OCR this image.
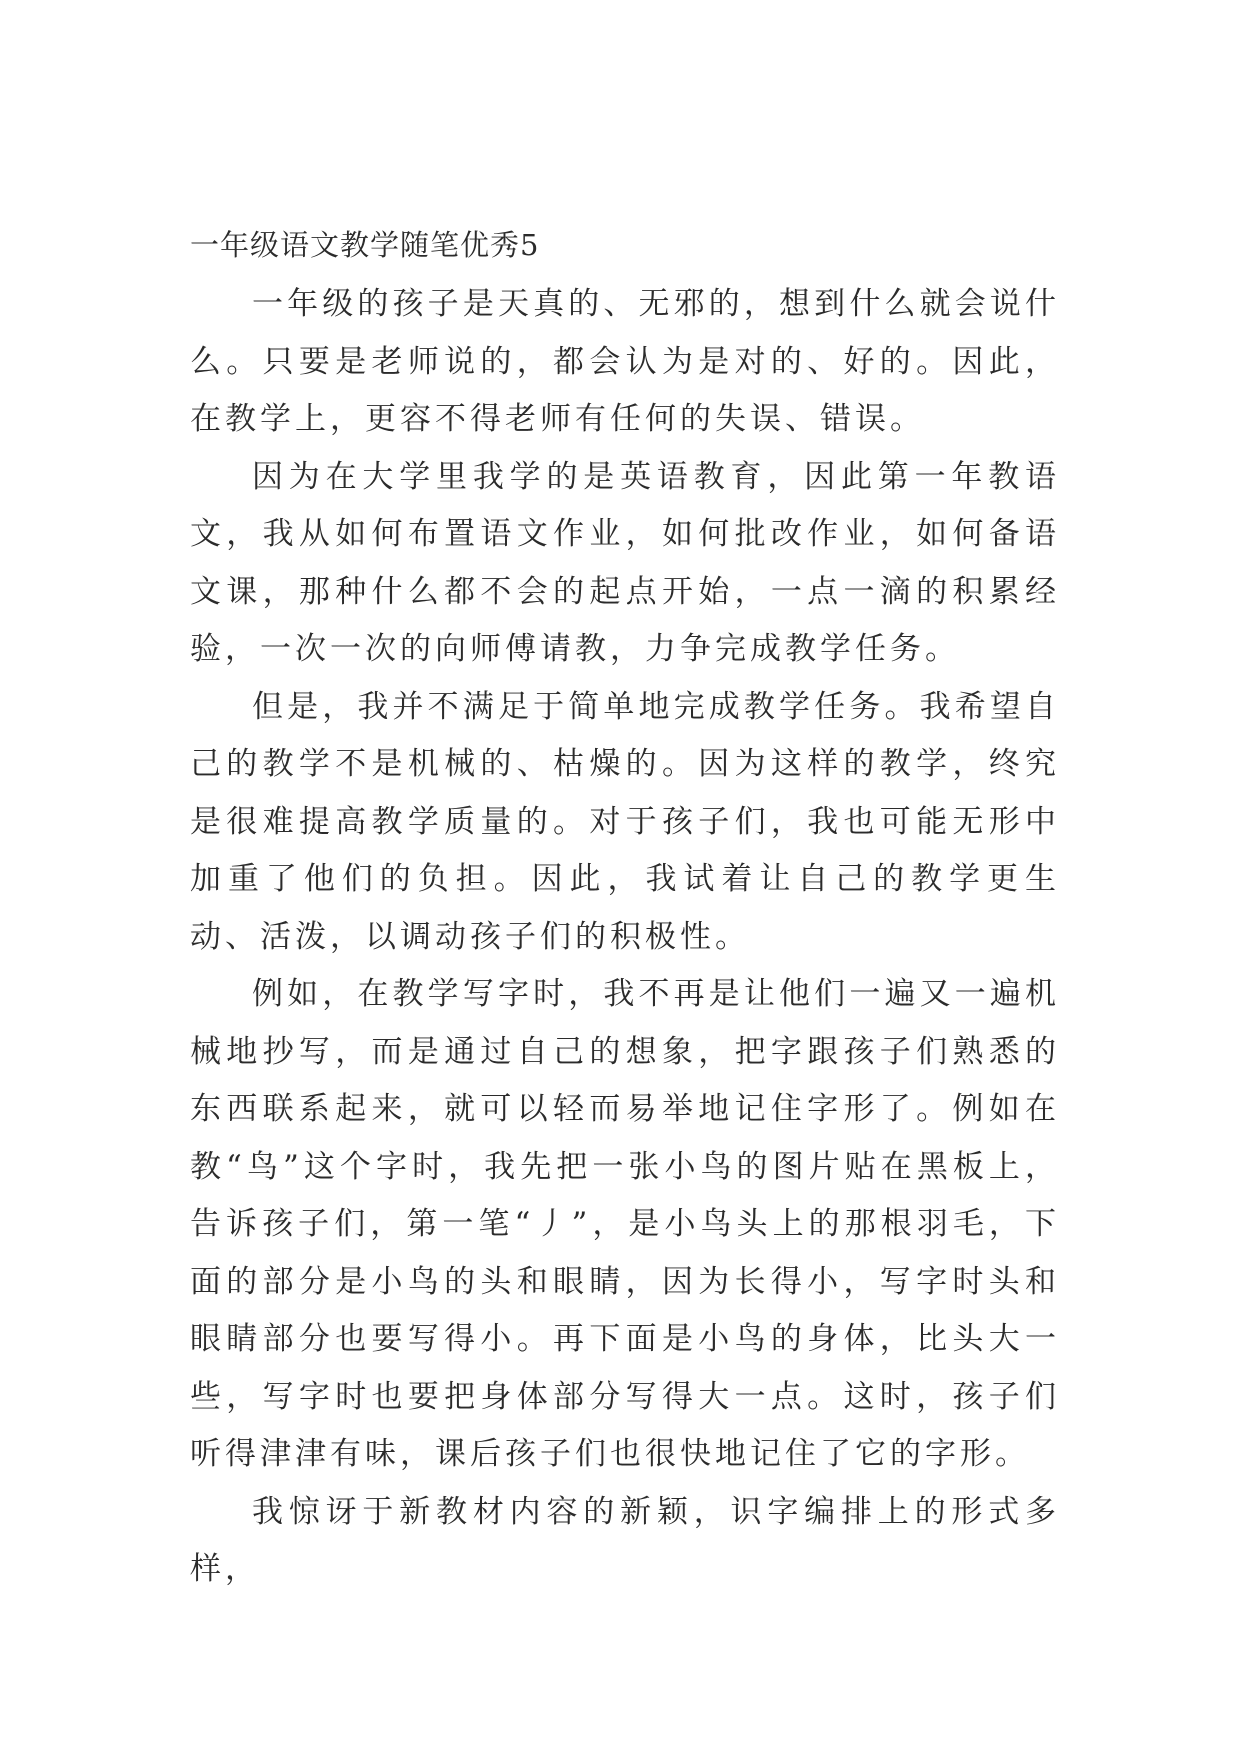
一年级语文教学随笔优秀5

一年级的孩子是天真的、无邪的，想到什么就会说什么。只要是老师说的，都会认为是对的、好的。因此，在教学上，更容不得老师有任何的失误、错误。

因为在大学里我学的是英语教育，因此第一年教语文，我从如何布置语文作业，如何批改作业，如何备语文课，那种什么都不会的起点开始，一点一滴的积累经验，一次一次的向师傅请教，力争完成教学任务。

但是，我并不满足于简单地完成教学任务。我希望自己的教学不是机械的、枯燥的。因为这样的教学，终究是很难提高教学质量的。对于孩子们，我也可能无形中加重了他们的负担。因此，我试着让自己的教学更生动、活泼，以调动孩子们的积极性。

例如，在教学写字时，我不再是让他们一遍又一遍机械地抄写，而是通过自己的想象，把字跟孩子们熟悉的东西联系起来，就可以轻而易举地记住字形了。例如在教“鸟”这个字时，我先把一张小鸟的图片贴在黑板上，告诉孩子们，第一笔“丿”，是小鸟头上的那根羽毛，下面的部分是小鸟的头和眼睛，因为长得小，写字时头和眼睛部分也要写得小。再下面是小鸟的身体，比头大一些，写字时也要把身体部分写得大一点。这时，孩子们听得津津有味，课后孩子们也很快地记住了它的字形。

我惊讶于新教材内容的新颖，识字编排上的形式多样，
